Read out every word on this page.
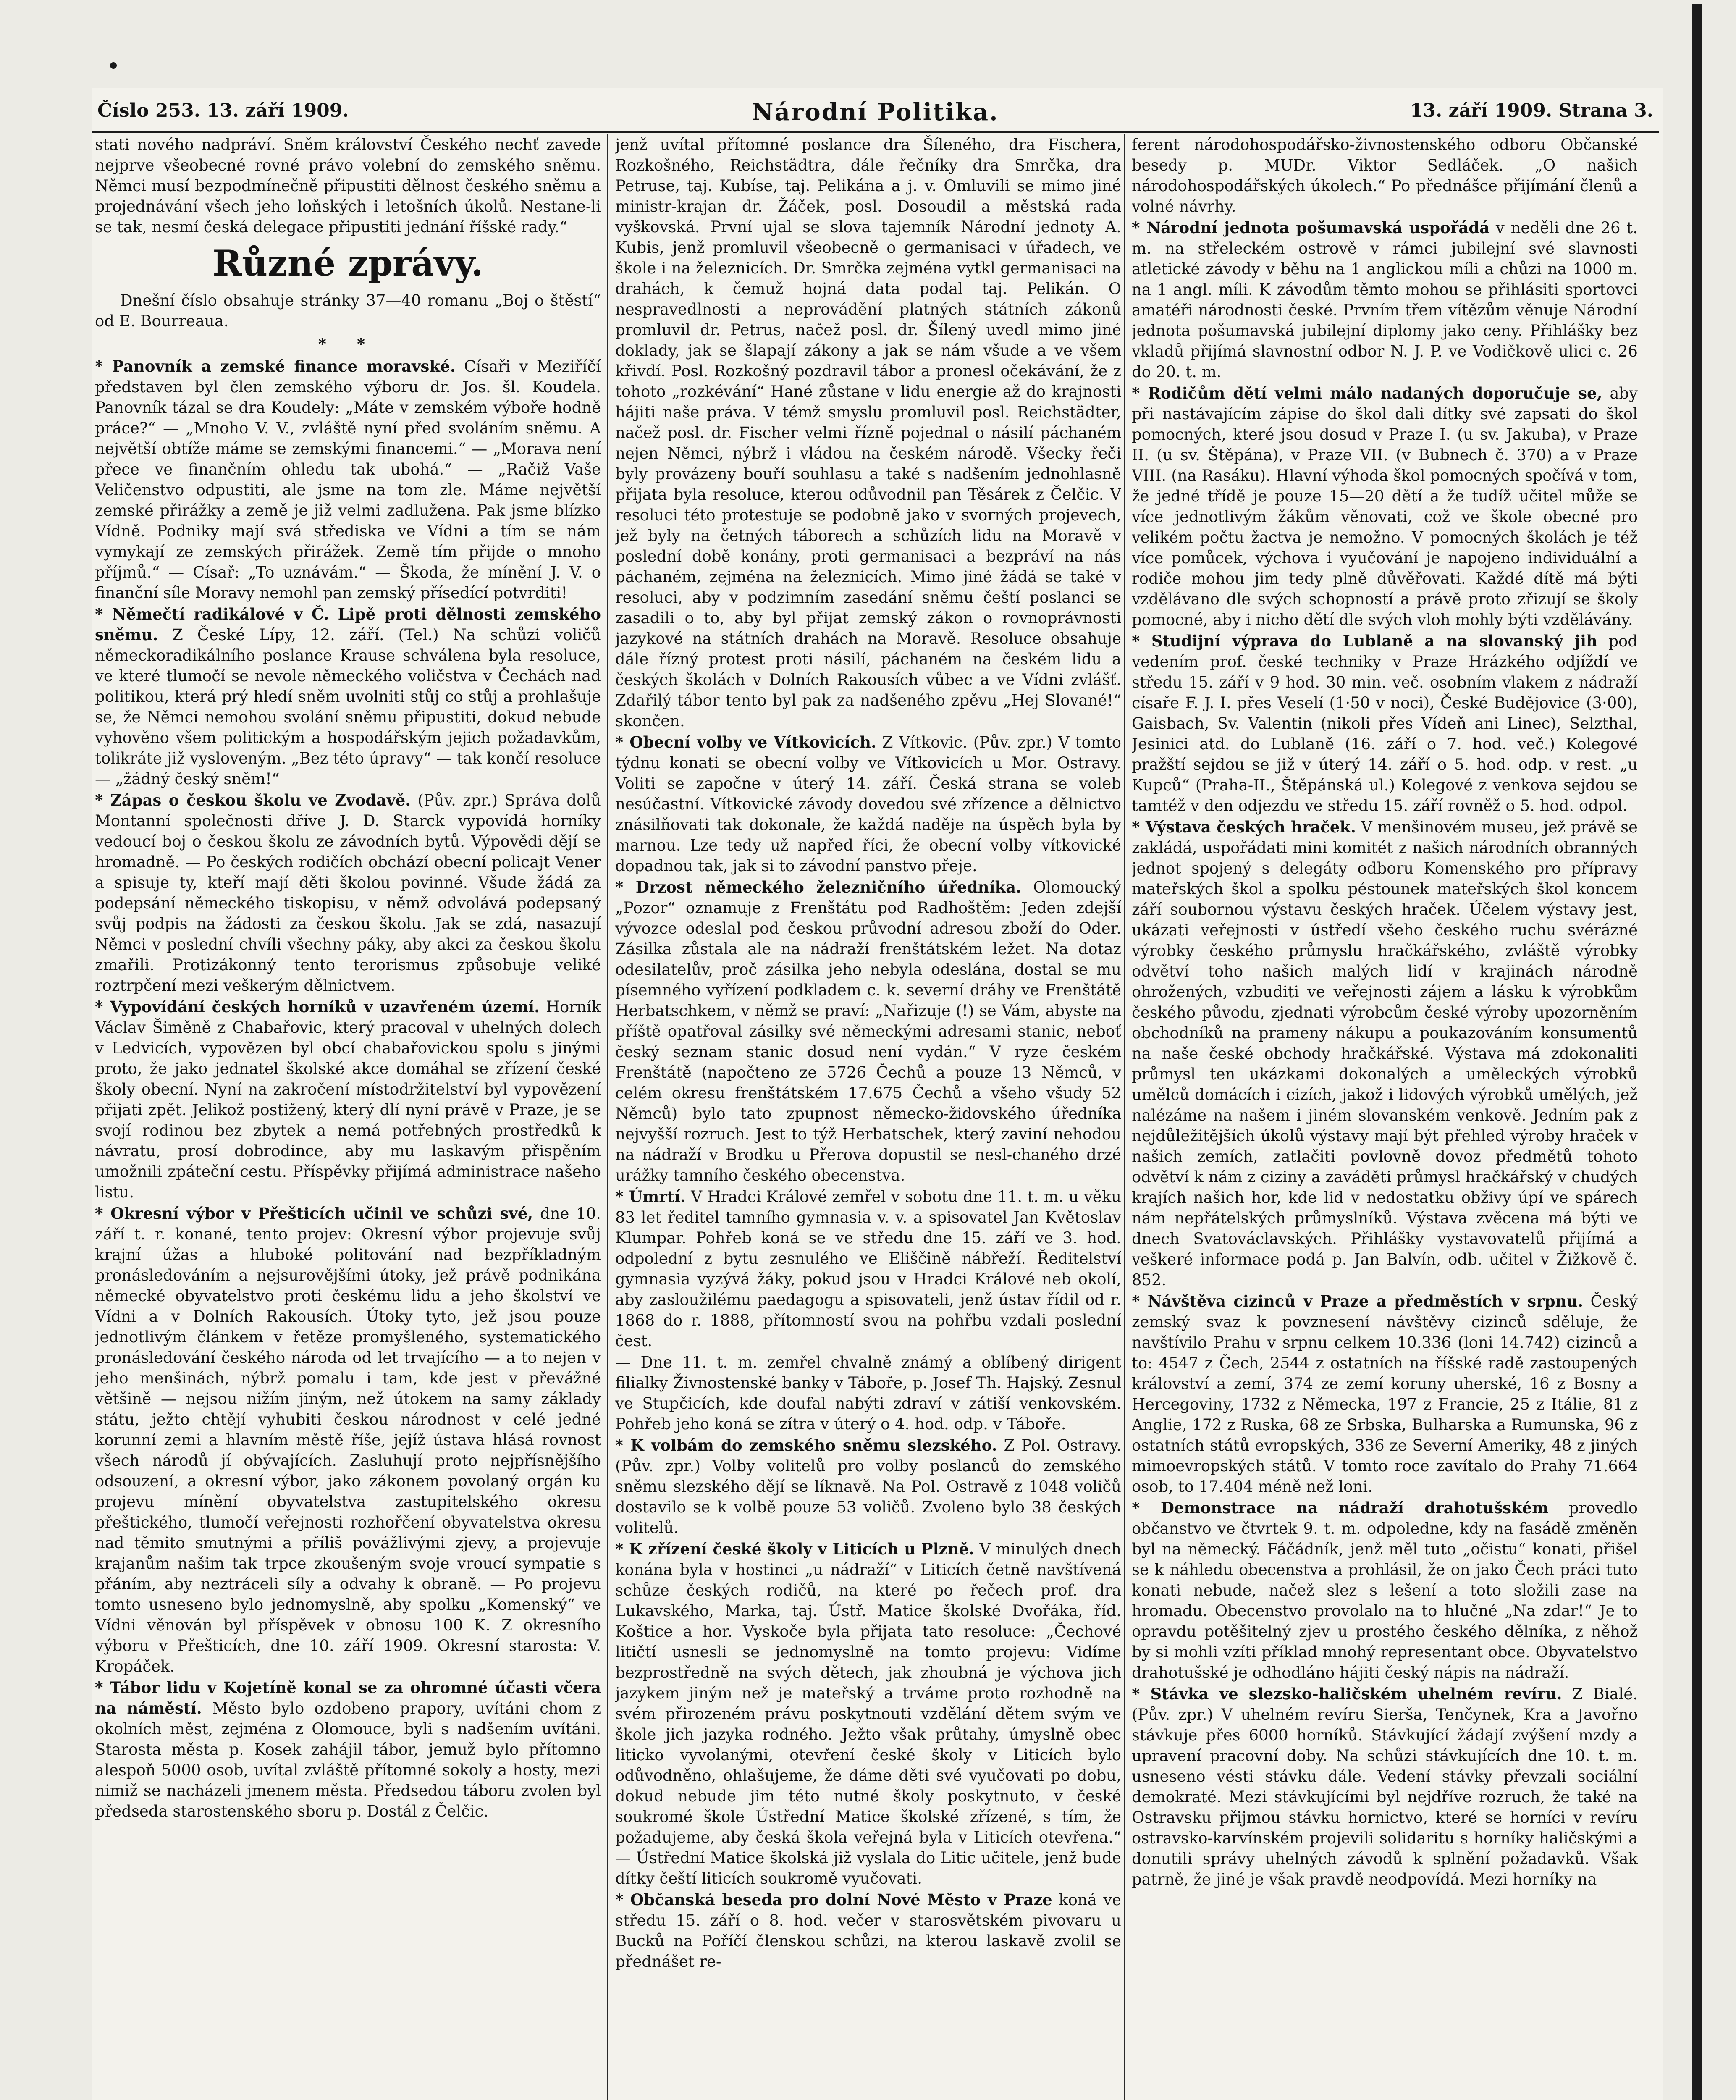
Číslo 253. 13. září 1909.	Národní Politika.	13. září 1909. Strana 3.

stati nového nadpráví. Sněm království Českého nechť zavede nejprve všeobecné rovné právo volební do zemského sněmu. Němci musí bezpodmínečně připustiti dělnost českého sněmu a projednávání všech jeho loňských i letošních úkolů. Nestane-li se tak, nesmí česká delegace připustiti jednání říšské rady.“

Různé zprávy.

Dnešní číslo obsahuje stránky 37—40 romanu „Boj o štěstí“ od E. Bourreaua.

* *

* Panovník a zemské finance moravské. Císaři v Meziříčí představen byl člen zemského výboru dr. Jos. šl. Koudela. Panovník tázal se dra Koudely: „Máte v zemském výboře hodně práce?“ — „Mnoho V. V., zvláště nyní před svoláním sněmu. A největší obtíže máme se zemskými financemi.“ — „Morava není přece ve finančním ohledu tak ubohá.“ — „Račiž Vaše Veličenstvo odpustiti, ale jsme na tom zle. Máme největší zemské přirážky a země je již velmi zadlužena. Pak jsme blízko Vídně. Podniky mají svá střediska ve Vídni a tím se nám vymykají ze zemských přirážek. Země tím přijde o mnoho příjmů.“ — Císař: „To uznávám.“ — Škoda, že mínění J. V. o finanční síle Moravy nemohl pan zemský přísedící potvrditi!

* Němečtí radikálové v Č. Lipě proti dělnosti zemského sněmu. Z České Lípy, 12. září. (Tel.) Na schůzi voličů německoradikálního poslance Krause schválena byla resoluce, ve které tlumočí se nevole německého voličstva v Čechách nad politikou, která prý hledí sněm uvolniti stůj co stůj a prohlašuje se, že Němci nemohou svolání sněmu připustiti, dokud nebude vyhověno všem politickým a hospodářským jejich požadavkům, tolikráte již vysloveným. „Bez této úpravy“ — tak končí resoluce — „žádný český sněm!“

* Zápas o českou školu ve Zvodavě. (Pův. zpr.) Správa dolů Montanní společnosti dříve J. D. Starck vypovídá horníky vedoucí boj o českou školu ze závodních bytů. Výpovědi dějí se hromadně. — Po českých rodičích obchází obecní policajt Vener a spisuje ty, kteří mají děti školou povinné. Všude žádá za podepsání německého tiskopisu, v němž odvolává podepsaný svůj podpis na žádosti za českou školu. Jak se zdá, nasazují Němci v poslední chvíli všechny páky, aby akci za českou školu zmařili. Protizákonný tento terorismus způsobuje veliké roztrpčení mezi veškerým dělnictvem.

* Vypovídání českých horníků v uzavřeném území. Horník Václav Šiměně z Chabařovic, který pracoval v uhelných dolech v Ledvicích, vypovězen byl obcí chabařovickou spolu s jinými proto, že jako jednatel školské akce domáhal se zřízení české školy obecní. Nyní na zakročení místodržitelství byl vypovězení přijati zpět. Jelikož postižený, který dlí nyní právě v Praze, je se svojí rodinou bez zbytek a nemá potřebných prostředků k návratu, prosí dobrodince, aby mu laskavým přispěním umožnili zpáteční cestu. Příspěvky přijímá administrace našeho listu.

* Okresní výbor v Přešticích učinil ve schůzi své, dne 10. září t. r. konané, tento projev: Okresní výbor projevuje svůj krajní úžas a hluboké politování nad bezpříkladným pronásledováním a nejsurovějšími útoky, jež právě podnikána německé obyvatelstvo proti českému lidu a jeho školství ve Vídni a v Dolních Rakousích. Útoky tyto, jež jsou pouze jednotlivým článkem v řetěze promyšleného, systematického pronásledování českého národa od let trvajícího — a to nejen v jeho menšinách, nýbrž pomalu i tam, kde jest v převážné většině — nejsou nižím jiným, než útokem na samy základy státu, ježto chtějí vyhubiti českou národnost v celé jedné korunní zemi a hlavním městě říše, jejíž ústava hlásá rovnost všech národů jí obývajících. Zasluhují proto nejpřísnějšího odsouzení, a okresní výbor, jako zákonem povolaný orgán ku projevu mínění obyvatelstva zastupitelského okresu přeštického, tlumočí veřejnosti rozhořčení obyvatelstva okresu nad těmito smutnými a příliš povážlivými zjevy, a projevuje krajanům našim tak trpce zkoušeným svoje vroucí sympatie s přáním, aby neztráceli síly a odvahy k obraně. — Po projevu tomto usneseno bylo jednomyslně, aby spolku „Komenský“ ve Vídni věnován byl příspěvek v obnosu 100 K. Z okresního výboru v Přešticích, dne 10. září 1909. Okresní starosta: V. Kropáček.

* Tábor lidu v Kojetíně konal se za ohromné účasti včera na náměstí. Město bylo ozdobeno prapory, uvítáni chom z okolních měst, zejména z Olomouce, byli s nadšením uvítáni. Starosta města p. Kosek zahájil tábor, jemuž bylo přítomno alespoň 5000 osob, uvítal zvláště přítomné sokoly a hosty, mezi nimiž se nacházeli jmenem města. Předsedou táboru zvolen byl předseda starostenského sboru p. Dostál z Čelčic.

jenž uvítal přítomné poslance dra Šíleného, dra Fischera, Rozkošného, Reichstädtra, dále řečníky dra Smrčka, dra Petruse, taj. Kubíse, taj. Pelikána a j. v. Omluvili se mimo jiné ministr-krajan dr. Žáček, posl. Dosoudil a městská rada vyškovská. První ujal se slova tajemník Národní jednoty A. Kubis, jenž promluvil všeobecně o germanisaci v úřadech, ve škole i na železnicích. Dr. Smrčka zejména vytkl germanisaci na drahách, k čemuž hojná data podal taj. Pelikán. O nespravedlnosti a neprovádění platných státních zákonů promluvil dr. Petrus, načež posl. dr. Šílený uvedl mimo jiné doklady, jak se šlapají zákony a jak se nám všude a ve všem křivdí. Posl. Rozkošný pozdravil tábor a pronesl očekávání, že z tohoto „rozkévání“ Hané zůstane v lidu energie až do krajnosti hájiti naše práva. V témž smyslu promluvil posl. Reichstädter, načež posl. dr. Fischer velmi řízně pojednal o násilí páchaném nejen Němci, nýbrž i vládou na českém národě. Všecky řeči byly provázeny bouří souhlasu a také s nadšením jednohlasně přijata byla resoluce, kterou odůvodnil pan Těsárek z Čelčic. V resoluci této protestuje se podobně jako v svorných projevech, jež byly na četných táborech a schůzích lidu na Moravě v poslední době konány, proti germanisaci a bezpráví na nás páchaném, zejména na železnicích. Mimo jiné žádá se také v resoluci, aby v podzimním zasedání sněmu čeští poslanci se zasadili o to, aby byl přijat zemský zákon o rovnoprávnosti jazykové na státních drahách na Moravě. Resoluce obsahuje dále řízný protest proti násilí, páchaném na českém lidu a českých školách v Dolních Rakousích vůbec a ve Vídni zvlášť. Zdařilý tábor tento byl pak za nadšeného zpěvu „Hej Slované!“ skončen.

* Obecní volby ve Vítkovicích. Z Vítkovic. (Pův. zpr.) V tomto týdnu konati se obecní volby ve Vítkovicích u Mor. Ostravy. Voliti se započne v úterý 14. září. Česká strana se voleb nesúčastní. Vítkovické závody dovedou své zřízence a dělnictvo znásilňovati tak dokonale, že každá naděje na úspěch byla by marnou. Lze tedy už napřed říci, že obecní volby vítkovické dopadnou tak, jak si to závodní panstvo přeje.

* Drzost německého železničního úředníka. Olomoucký „Pozor“ oznamuje z Frenštátu pod Radhoštěm: Jeden zdejší vývozce odeslal pod českou průvodní adresou zboží do Oder. Zásilka zůstala ale na nádraží frenštátském ležet. Na dotaz odesilatelův, proč zásilka jeho nebyla odeslána, dostal se mu písemného vyřízení podkladem c. k. severní dráhy ve Frenštátě Herbatschkem, v němž se praví: „Nařizuje (!) se Vám, abyste na příště opatřoval zásilky své německými adresami stanic, neboť český seznam stanic dosud není vydán.“ V ryze českém Frenštátě (napočteno ze 5726 Čechů a pouze 13 Němců, v celém okresu frenštátském 17.675 Čechů a všeho všudy 52 Němců) bylo tato zpupnost německo-židovského úředníka nejvyšší rozruch. Jest to týž Herbatschek, který zaviní nehodou na nádraží v Brodku u Přerova dopustil se nesl-chaného drzé urážky tamního českého obecenstva.

* Úmrtí. V Hradci Králové zemřel v sobotu dne 11. t. m. u věku 83 let ředitel tamního gymnasia v. v. a spisovatel Jan Květoslav Klumpar. Pohřeb koná se ve středu dne 15. září ve 3. hod. odpolední z bytu zesnulého ve Eliščině nábřeží. Ředitelství gymnasia vyzývá žáky, pokud jsou v Hradci Králové neb okolí, aby zasloužilému paedagogu a spisovateli, jenž ústav řídil od r. 1868 do r. 1888, přítomností svou na pohřbu vzdali poslední čest.

— Dne 11. t. m. zemřel chvalně známý a oblíbený dirigent filialky Živnostenské banky v Táboře, p. Josef Th. Hajský. Zesnul ve Stupčicích, kde doufal nabýti zdraví v zátiší venkovském. Pohřeb jeho koná se zítra v úterý o 4. hod. odp. v Táboře.

* K volbám do zemského sněmu slezského. Z Pol. Ostravy. (Pův. zpr.) Volby volitelů pro volby poslanců do zemského sněmu slezského dějí se líknavě. Na Pol. Ostravě z 1048 voličů dostavilo se k volbě pouze 53 voličů. Zvoleno bylo 38 českých volitelů.

* K zřízení české školy v Liticích u Plzně. V minulých dnech konána byla v hostinci „u nádraží“ v Liticích četně navštívená schůze českých rodičů, na které po řečech prof. dra Lukavského, Marka, taj. Ústř. Matice školské Dvořáka, říd. Koštice a hor. Vyskoče byla přijata tato resoluce: „Čechové litičtí usnesli se jednomyslně na tomto projevu: Vidíme bezprostředně na svých dětech, jak zhoubná je výchova jich jazykem jiným než je mateřský a trváme proto rozhodně na svém přirozeném právu poskytnouti vzdělání dětem svým ve škole jich jazyka rodného. Ježto však průtahy, úmyslně obec liticko vyvolanými, otevření české školy v Liticích bylo odůvodněno, ohlašujeme, že dáme děti své vyučovati po dobu, dokud nebude jim této nutné školy poskytnuto, v české soukromé škole Ústřední Matice školské zřízené, s tím, že požadujeme, aby česká škola veřejná byla v Liticích otevřena.“ — Ústřední Matice školská již vyslala do Litic učitele, jenž bude dítky čeští liticích soukromě vyučovati.

* Občanská beseda pro dolní Nové Město v Praze koná ve středu 15. září o 8. hod. večer v starosvětském pivovaru u Bucků na Poříčí členskou schůzi, na kterou laskavě zvolil se přednášet re-

ferent národohospodářsko-živnostenského odboru Občanské besedy p. MUDr. Viktor Sedláček. „O našich národohospodářských úkolech.“ Po přednášce přijímání členů a volné návrhy.

* Národní jednota pošumavská uspořádá v neděli dne 26 t. m. na střeleckém ostrově v rámci jubilejní své slavnosti atletické závody v běhu na 1 anglickou míli a chůzi na 1000 m. na 1 angl. míli. K závodům těmto mohou se přihlásiti sportovci amatéři národnosti české. Prvním třem vítězům věnuje Národní jednota pošumavská jubilejní diplomy jako ceny. Přihlášky bez vkladů přijímá slavnostní odbor N. J. P. ve Vodičkově ulici c. 26 do 20. t. m.

* Rodičům dětí velmi málo nadaných doporučuje se, aby při nastávajícím zápise do škol dali dítky své zapsati do škol pomocných, které jsou dosud v Praze I. (u sv. Jakuba), v Praze II. (u sv. Štěpána), v Praze VII. (v Bubnech č. 370) a v Praze VIII. (na Rasáku). Hlavní výhoda škol pomocných spočívá v tom, že jedné třídě je pouze 15—20 dětí a že tudíž učitel může se více jednotlivým žákům věnovati, což ve škole obecné pro velikém počtu žactva je nemožno. V pomocných školách je též více pomůcek, výchova i vyučování je napojeno individuální a rodiče mohou jim tedy plně důvěřovati. Každé dítě má býti vzdělávano dle svých schopností a právě proto zřizují se školy pomocné, aby i nicho dětí dle svých vloh mohly býti vzdělávány.

* Studijní výprava do Lublaně a na slovanský jih pod vedením prof. české techniky v Praze Hrázkého odjíždí ve středu 15. září v 9 hod. 30 min. več. osobním vlakem z nádraží císaře F. J. I. přes Veselí (1·50 v noci), České Budějovice (3·00), Gaisbach, Sv. Valentin (nikoli přes Vídeň ani Linec), Selzthal, Jesinici atd. do Lublaně (16. září o 7. hod. več.) Kolegové pražští sejdou se již v úterý 14. září o 5. hod. odp. v rest. „u Kupců“ (Praha-II., Štěpánská ul.) Kolegové z venkova sejdou se tamtéž v den odjezdu ve středu 15. září rovněž o 5. hod. odpol.

* Výstava českých hraček. V menšinovém museu, jež právě se zakládá, uspořádati mini komitét z našich národních obranných jednot spojený s delegáty odboru Komenského pro přípravy mateřských škol a spolku péstounek mateřských škol koncem září soubornou výstavu českých hraček. Účelem výstavy jest, ukázati veřejnosti v ústředí všeho českého ruchu svérázné výrobky českého průmyslu hračkářského, zvláště výrobky odvětví toho našich malých lidí v krajinách národně ohrožených, vzbuditi ve veřejnosti zájem a lásku k výrobkům českého původu, zjednati výrobcům české výroby upozorněním obchodníků na prameny nákupu a poukazováním konsumentů na naše české obchody hračkářské. Výstava má zdokonaliti průmysl ten ukázkami dokonalých a uměleckých výrobků umělců domácích i cizích, jakož i lidových výrobků umělých, jež nalézáme na našem i jiném slovanském venkově. Jedním pak z nejdůležitějších úkolů výstavy mají být přehled výroby hraček v našich zemích, zatlačiti povlovně dovoz předmětů tohoto odvětví k nám z ciziny a zaváděti průmysl hračkářský v chudých krajích našich hor, kde lid v nedostatku obživy úpí ve spárech nám nepřátelských průmyslníků. Výstava zvěcena má býti ve dnech Svatováclavských. Přihlášky vystavovatelů přijímá a veškeré informace podá p. Jan Balvín, odb. učitel v Žižkově č. 852.

* Návštěva cizinců v Praze a předměstích v srpnu. Český zemský svaz k povznesení návštěvy cizinců sděluje, že navštívilo Prahu v srpnu celkem 10.336 (loni 14.742) cizinců a to: 4547 z Čech, 2544 z ostatních na říšské radě zastoupených království a zemí, 374 ze zemí koruny uherské, 16 z Bosny a Hercegoviny, 1732 z Německa, 197 z Francie, 25 z Itálie, 81 z Anglie, 172 z Ruska, 68 ze Srbska, Bulharska a Rumunska, 96 z ostatních států evropských, 336 ze Severní Ameriky, 48 z jiných mimoevropských států. V tomto roce zavítalo do Prahy 71.664 osob, to 17.404 méně než loni.

* Demonstrace na nádraží drahotušském provedlo občanstvo ve čtvrtek 9. t. m. odpoledne, kdy na fasádě změněn byl na německý. Fáčádník, jenž měl tuto „očistu“ konati, přišel se k náhledu obecenstva a prohlásil, že on jako Čech práci tuto konati nebude, načež slez s lešení a toto složili zase na hromadu. Obecenstvo provolalo na to hlučné „Na zdar!“ Je to opravdu potěšitelný zjev u prostého českého dělníka, z něhož by si mohli vzíti příklad mnohý representant obce. Obyvatelstvo drahotušské je odhodláno hájiti český nápis na nádraží.

* Stávka ve slezsko-haličském uhelném revíru. Z Bialé. (Pův. zpr.) V uhelném revíru Sierša, Tenčynek, Kra a Javořno stávkuje přes 6000 horníků. Stávkující žádají zvýšení mzdy a upravení pracovní doby. Na schůzi stávkujících dne 10. t. m. usneseno vésti stávku dále. Vedení stávky převzali sociální demokraté. Mezi stávkujícími byl nejdříve rozruch, že také na Ostravsku přijmou stávku hornictvo, které se horníci v revíru ostravsko-karvínském projevili solidaritu s horníky haličskými a donutili správy uhelných závodů k splnění požadavků. Však patrně, že jiné je však pravdě neodpovídá. Mezi horníky na
